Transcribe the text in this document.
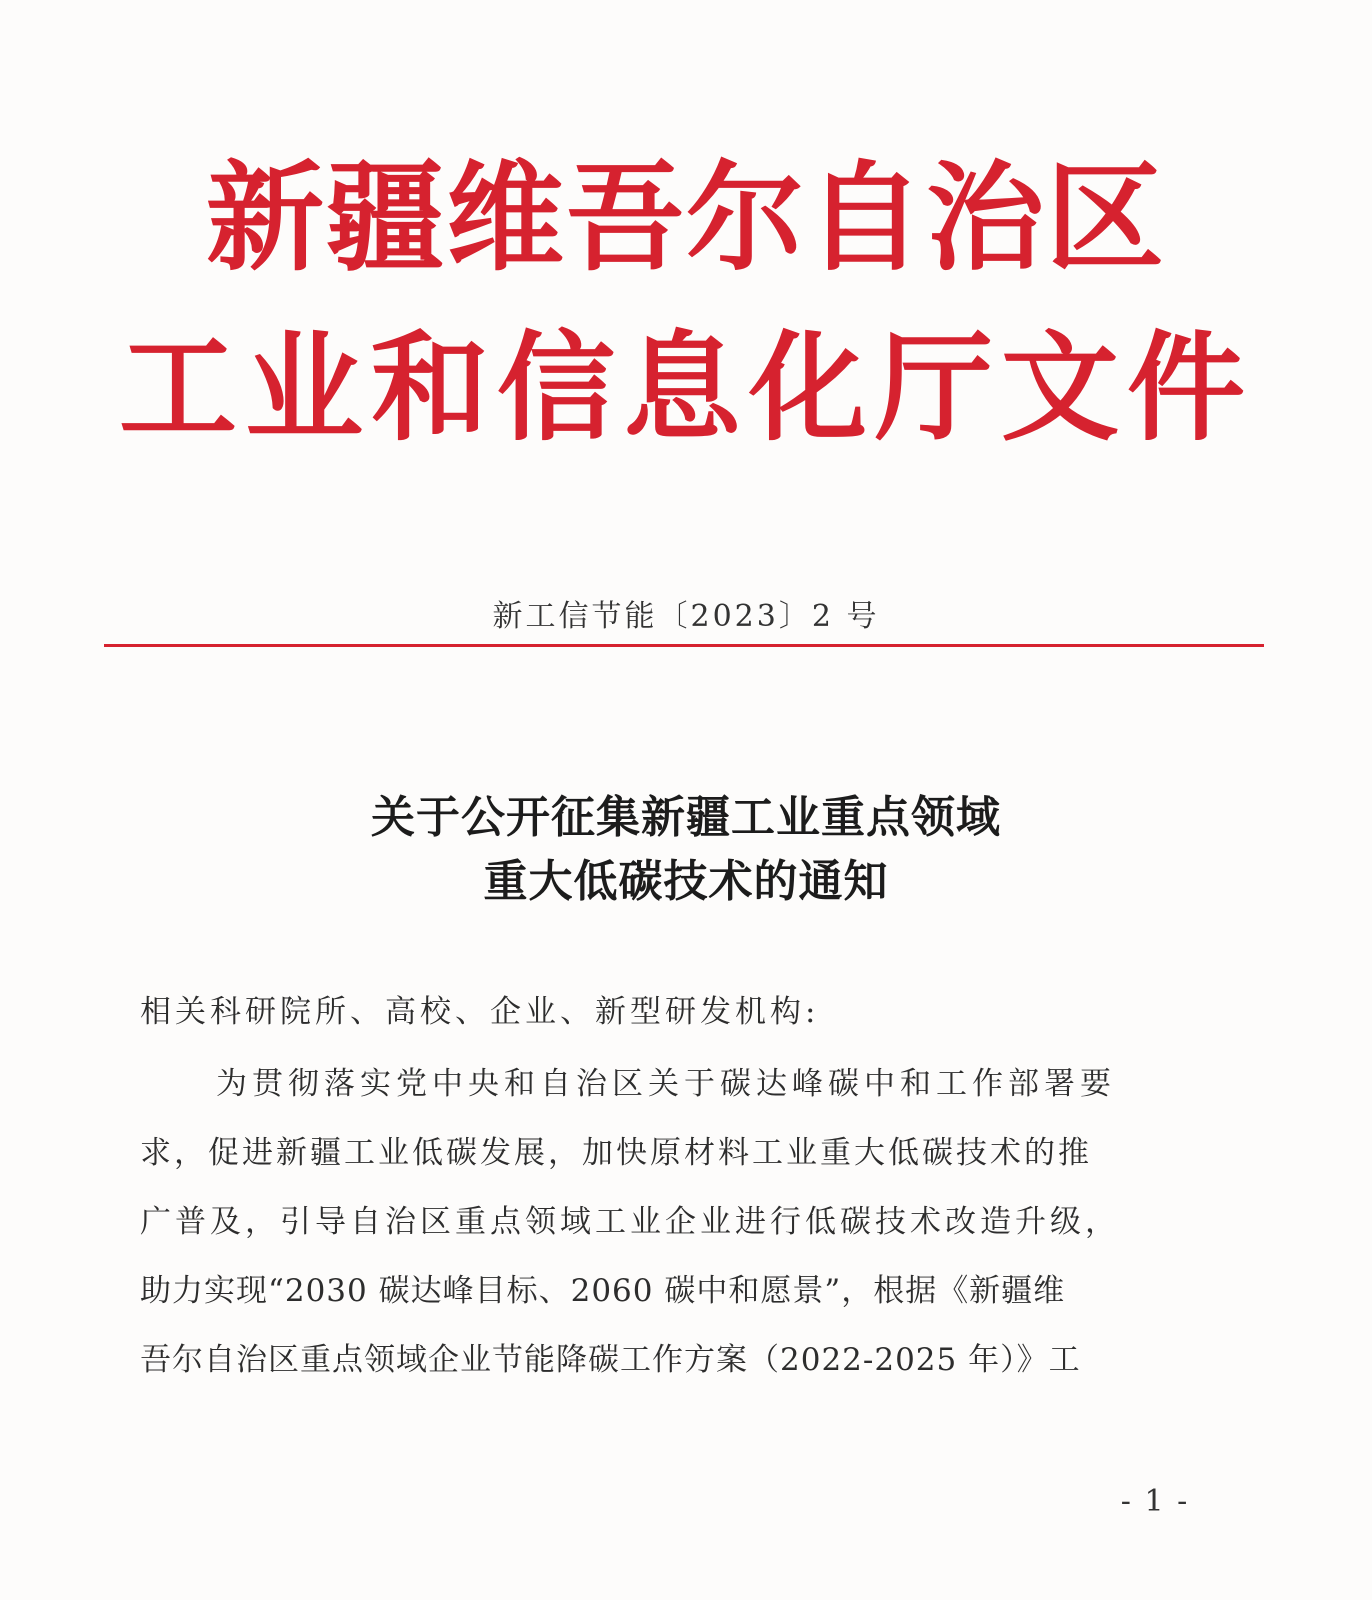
新疆维吾尔自治区
工业和信息化厅文件
新工信节能〔2023〕2 号
关于公开征集新疆工业重点领域
重大低碳技术的通知
相关科研院所、高校、企业、新型研发机构:
为贯彻落实党中央和自治区关于碳达峰碳中和工作部署要
求，促进新疆工业低碳发展，加快原材料工业重大低碳技术的推
广普及，引导自治区重点领域工业企业进行低碳技术改造升级，
助力实现“2030 碳达峰目标、2060 碳中和愿景”，根据《新疆维
吾尔自治区重点领域企业节能降碳工作方案（2022-2025 年）》工
- 1 -
